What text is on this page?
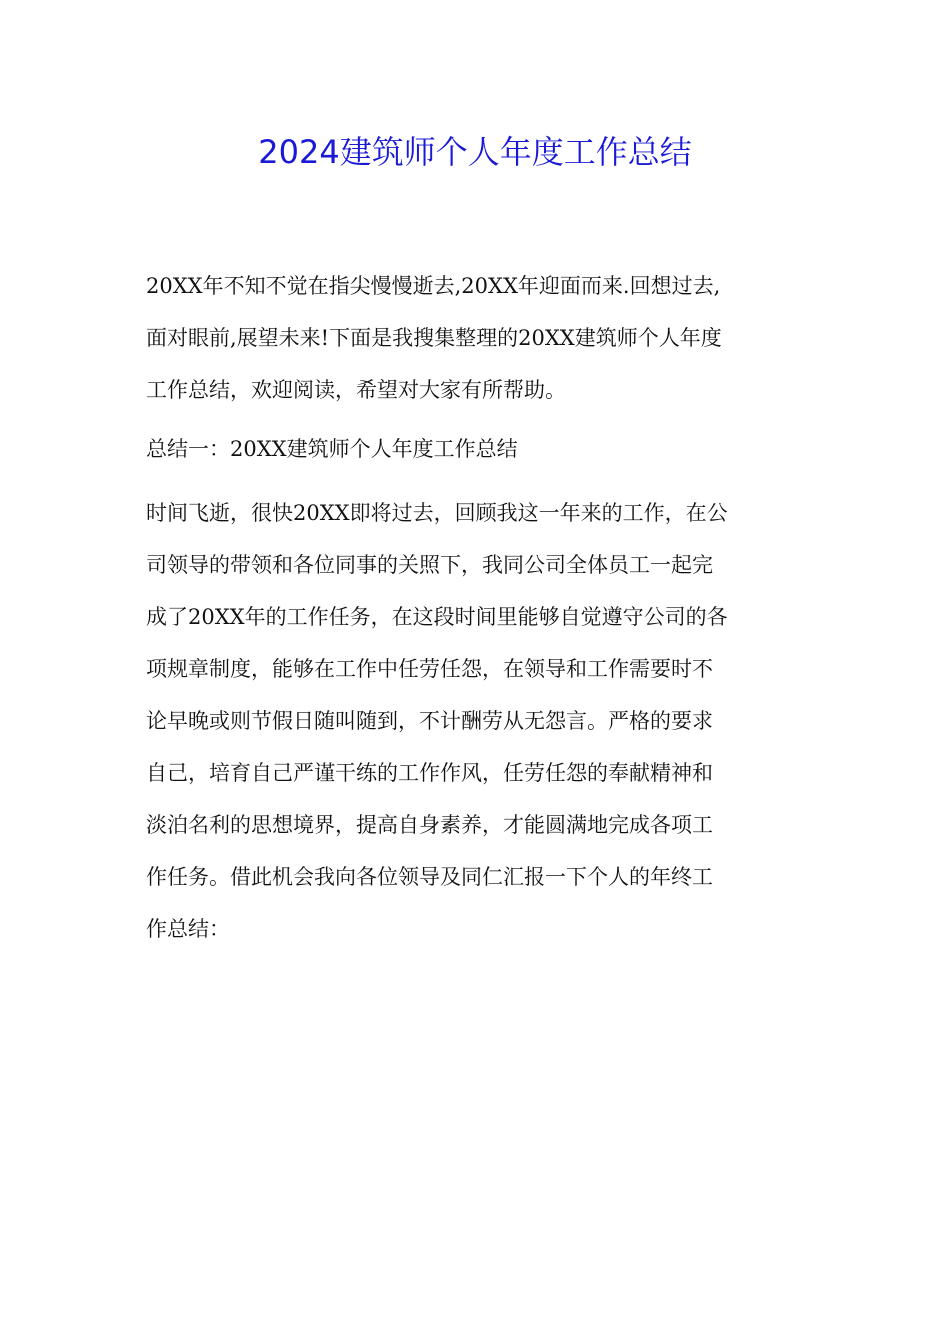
2024建筑师个人年度工作总结
20XX年不知不觉在指尖慢慢逝去,20XX年迎面而来.回想过去,
面对眼前,展望未来!下面是我搜集整理的20XX建筑师个人年度
工作总结，欢迎阅读，希望对大家有所帮助。
总结一：20XX建筑师个人年度工作总结
时间飞逝，很快20XX即将过去，回顾我这一年来的工作，在公
司领导的带领和各位同事的关照下，我同公司全体员工一起完
成了20XX年的工作任务，在这段时间里能够自觉遵守公司的各
项规章制度，能够在工作中任劳任怨，在领导和工作需要时不
论早晚或则节假日随叫随到，不计酬劳从无怨言。严格的要求
自己，培育自己严谨干练的工作作风，任劳任怨的奉献精神和
淡泊名利的思想境界，提高自身素养，才能圆满地完成各项工
作任务。借此机会我向各位领导及同仁汇报一下个人的年终工
作总结：
